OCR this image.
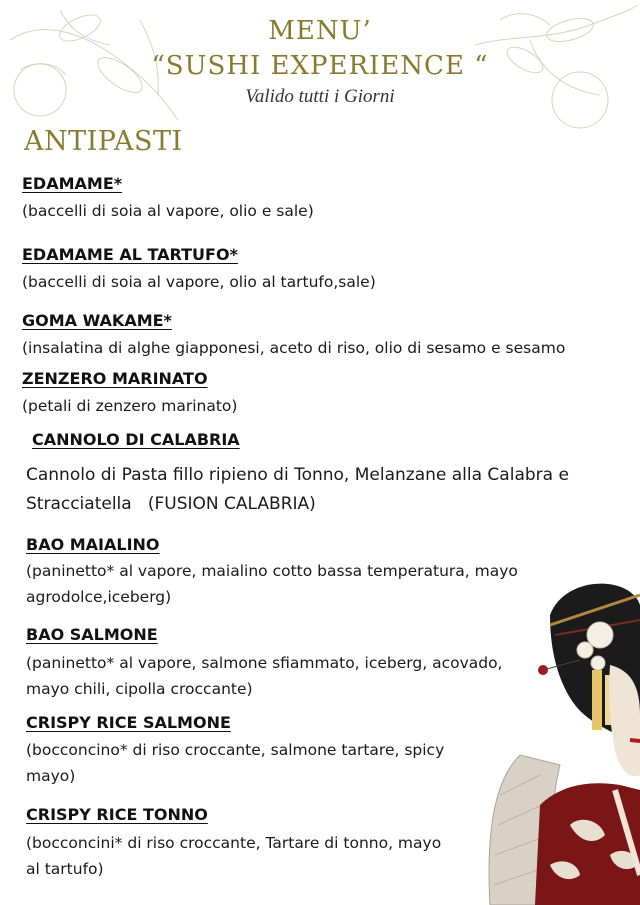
MENU’
“SUSHI EXPERIENCE “
Valido tutti i Giorni
ANTIPASTI
EDAMAME*
(baccelli di soia al vapore, olio e sale)
EDAMAME AL TARTUFO*
(baccelli di soia al vapore, olio al tartufo,sale)
GOMA WAKAME*
(insalatina di alghe giapponesi, aceto di riso, olio di sesamo e sesamo
ZENZERO MARINATO
(petali di zenzero marinato)
CANNOLO DI CALABRIA
Cannolo di Pasta fillo ripieno di Tonno, Melanzane alla Calabra e
Stracciatella   (FUSION CALABRIA)
BAO MAIALINO
(paninetto* al vapore, maialino cotto bassa temperatura, mayo
agrodolce,iceberg)
BAO SALMONE
(paninetto* al vapore, salmone sfiammato, iceberg, acovado,
mayo chili, cipolla croccante)
CRISPY RICE SALMONE
(bocconcino* di riso croccante, salmone tartare, spicy
mayo)
CRISPY RICE TONNO
(bocconcini* di riso croccante, Tartare di tonno, mayo
al tartufo)
